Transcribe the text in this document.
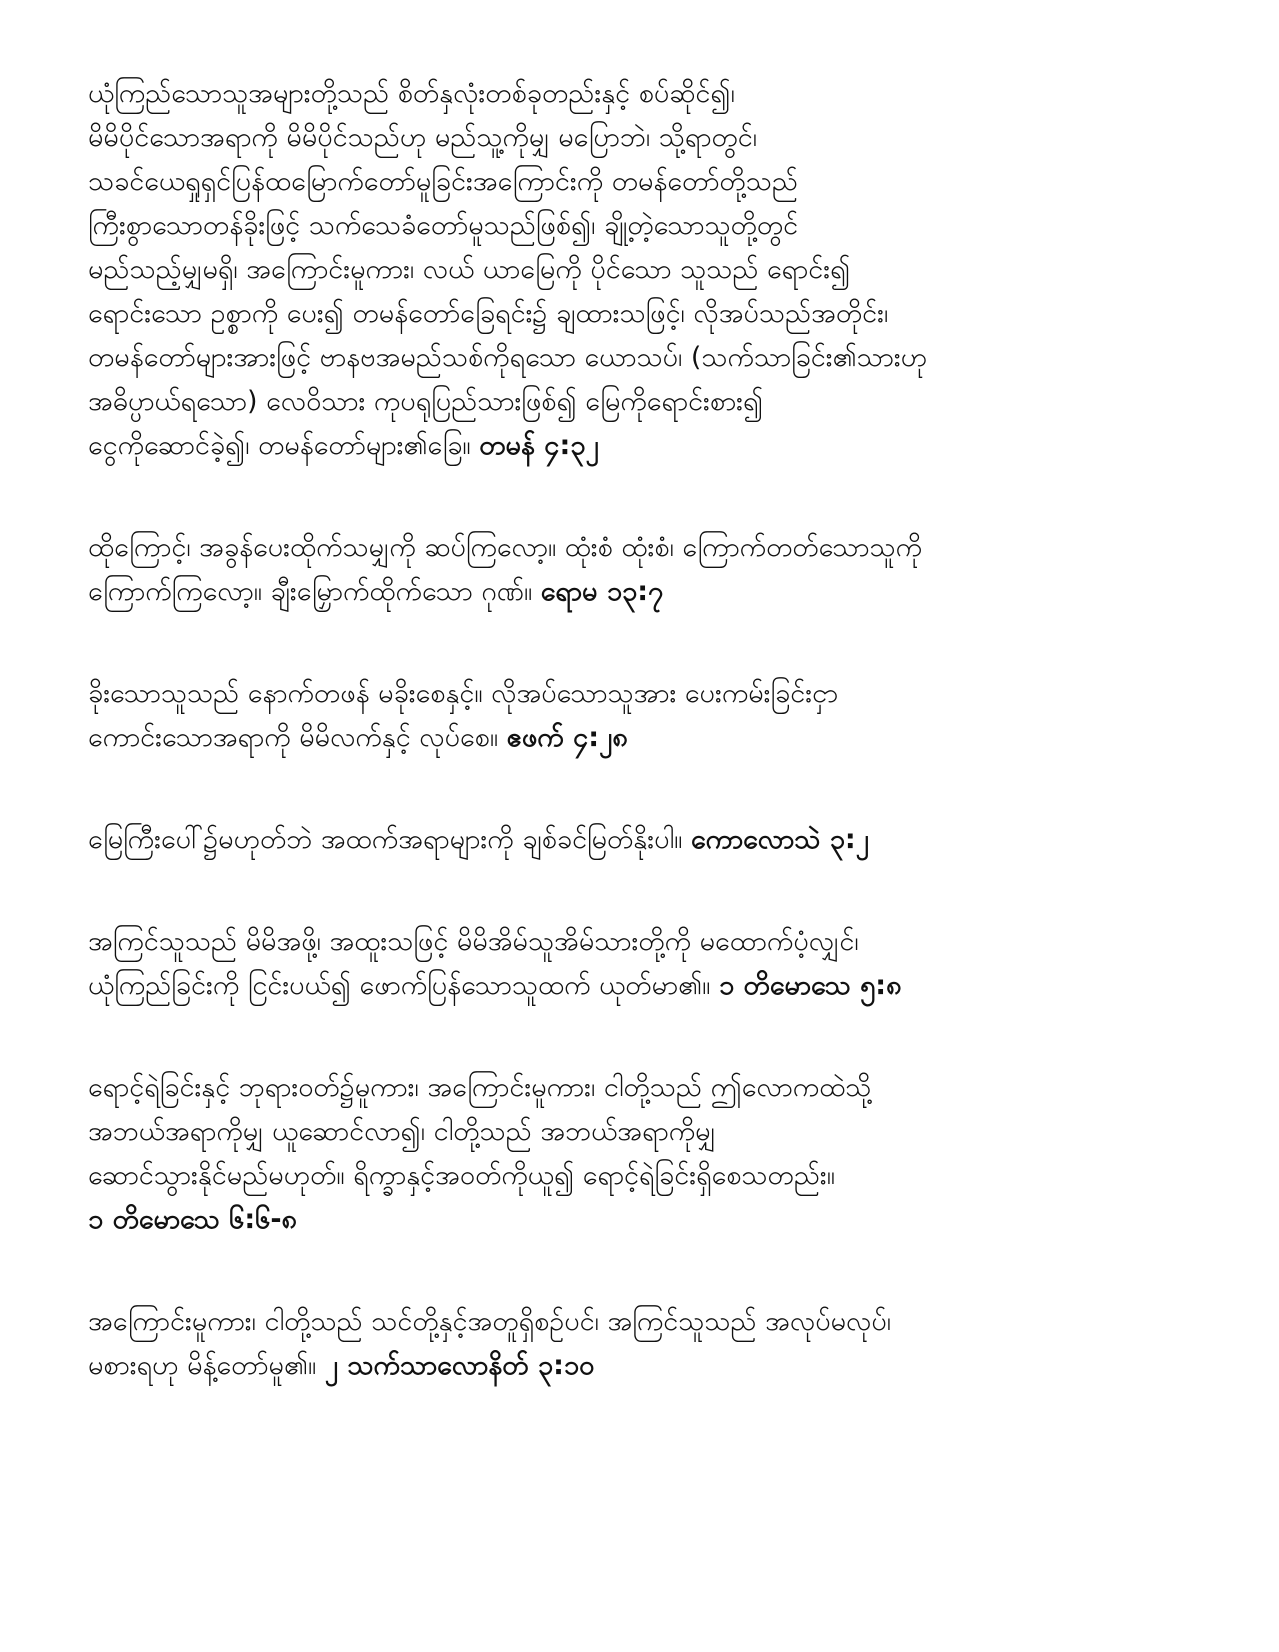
ယုံကြည်သောသူအများတို့သည် စိတ်နှလုံးတစ်ခုတည်းနှင့် စပ်ဆိုင်၍၊
မိမိပိုင်သောအရာကို မိမိပိုင်သည်ဟု မည်သူ့ကိုမျှ မပြောဘဲ၊ သို့ရာတွင်၊
သခင်ယေရှုရှင်ပြန်ထမြောက်တော်မူခြင်းအကြောင်းကို တမန်တော်တို့သည်
ကြီးစွာသောတန်ခိုးဖြင့် သက်သေခံတော်မူသည်ဖြစ်၍၊ ချို့တဲ့သောသူတို့တွင်
မည်သည့်မျှမရှိ၊ အကြောင်းမူကား၊ လယ် ယာမြေကို ပိုင်သော သူသည် ရောင်း၍
ရောင်းသော ဥစ္စာကို ပေး၍ တမန်တော်ခြေရင်း၌ ချထားသဖြင့်၊ လိုအပ်သည်အတိုင်း၊
တမန်တော်များအားဖြင့် ဗာနဗအမည်သစ်ကိုရသော ယောသပ်၊ (သက်သာခြင်း၏သားဟု
အဓိပ္ပာယ်ရသော) လေဝိသား ကုပရုပြည်သားဖြစ်၍ မြေကိုရောင်းစား၍
ငွေကိုဆောင်ခဲ့၍၊ တမန်တော်များ၏ခြေ။ တမန် ၄:၃၂
ထိုကြောင့်၊ အခွန်ပေးထိုက်သမျှကို ဆပ်ကြလော့။ ထုံးစံ ထုံးစံ၊ ကြောက်တတ်သောသူကို
ကြောက်ကြလော့။ ချီးမြှောက်ထိုက်သော ဂုဏ်။ ရောမ ၁၃:၇
ခိုးသောသူသည် နောက်တဖန် မခိုးစေနှင့်။ လိုအပ်သောသူအား ပေးကမ်းခြင်းငှာ
ကောင်းသောအရာကို မိမိလက်နှင့် လုပ်စေ။ ဧဖက် ၄:၂၈
မြေကြီးပေါ်၌မဟုတ်ဘဲ အထက်အရာများကို ချစ်ခင်မြတ်နိုးပါ။ ကောလောသဲ ၃:၂
အကြင်သူသည် မိမိအဖို့၊ အထူးသဖြင့် မိမိအိမ်သူအိမ်သားတို့ကို မထောက်ပံ့လျှင်၊
ယုံကြည်ခြင်းကို ငြင်းပယ်၍ ဖောက်ပြန်သောသူထက် ယုတ်မာ၏။ ၁ တိမောသေ ၅:၈
ရောင့်ရဲခြင်းနှင့် ဘုရားဝတ်၌မူကား၊ အကြောင်းမူကား၊ ငါတို့သည် ဤလောကထဲသို့
အဘယ်အရာကိုမျှ ယူဆောင်လာ၍၊ ငါတို့သည် အဘယ်အရာကိုမျှ
ဆောင်သွားနိုင်မည်မဟုတ်။ ရိက္ခာနှင့်အဝတ်ကိုယူ၍ ရောင့်ရဲခြင်းရှိစေသတည်း။
၁ တိမောသေ ၆:၆-၈
အကြောင်းမူကား၊ ငါတို့သည် သင်တို့နှင့်အတူရှိစဉ်ပင်၊ အကြင်သူသည် အလုပ်မလုပ်၊
မစားရဟု မိန့်တော်မူ၏။ ၂ သက်သာလောနိတ် ၃:၁၀
